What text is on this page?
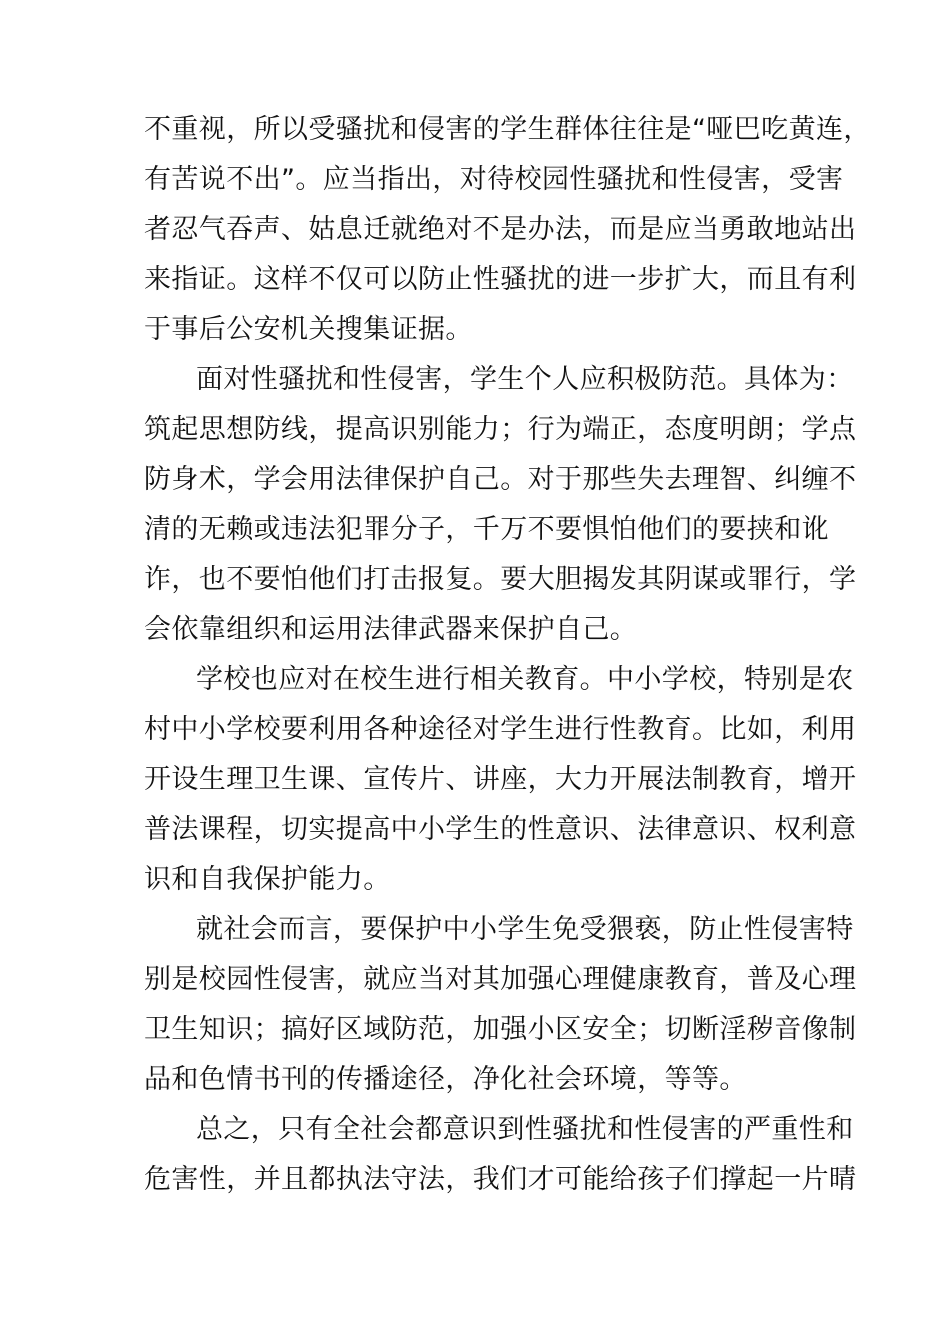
不重视，所以受骚扰和侵害的学生群体往往是“哑巴吃黄连，
有苦说不出”。应当指出，对待校园性骚扰和性侵害，受害
者忍气吞声、姑息迁就绝对不是办法，而是应当勇敢地站出
来指证。这样不仅可以防止性骚扰的进一步扩大，而且有利
于事后公安机关搜集证据。
面对性骚扰和性侵害，学生个人应积极防范。具体为：
筑起思想防线，提高识别能力；行为端正，态度明朗；学点
防身术，学会用法律保护自己。对于那些失去理智、纠缠不
清的无赖或违法犯罪分子，千万不要惧怕他们的要挟和讹
诈，也不要怕他们打击报复。要大胆揭发其阴谋或罪行，学
会依靠组织和运用法律武器来保护自己。
学校也应对在校生进行相关教育。中小学校，特别是农
村中小学校要利用各种途径对学生进行性教育。比如，利用
开设生理卫生课、宣传片、讲座，大力开展法制教育，增开
普法课程，切实提高中小学生的性意识、法律意识、权利意
识和自我保护能力。
就社会而言，要保护中小学生免受猥亵，防止性侵害特
别是校园性侵害，就应当对其加强心理健康教育，普及心理
卫生知识；搞好区域防范，加强小区安全；切断淫秽音像制
品和色情书刊的传播途径，净化社会环境，等等。
总之，只有全社会都意识到性骚扰和性侵害的严重性和
危害性，并且都执法守法，我们才可能给孩子们撑起一片晴
